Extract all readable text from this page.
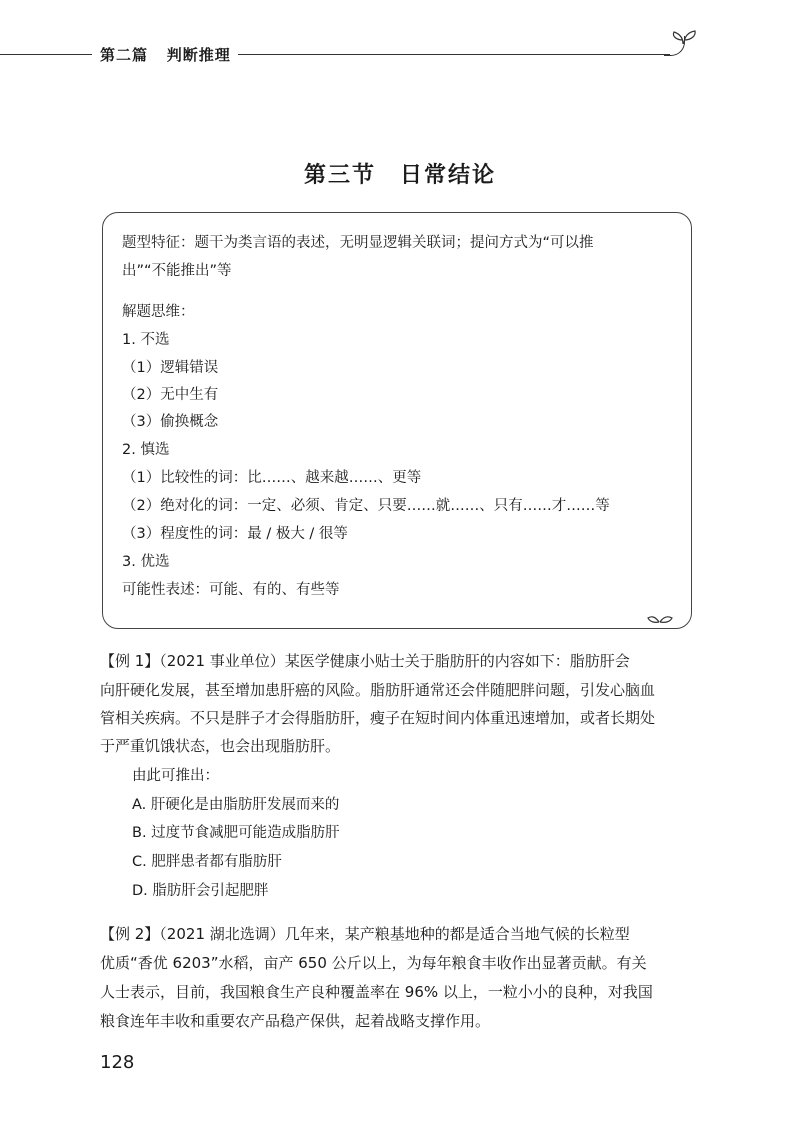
第二篇 判断推理
第三节　日常结论
题型特征：题干为类言语的表述，无明显逻辑关联词；提问方式为“可以推
出”“不能推出”等
解题思维：
1. 不选
（1）逻辑错误
（2）无中生有
（3）偷换概念
2. 慎选
（1）比较性的词：比……、越来越……、更等
（2）绝对化的词：一定、必须、肯定、只要……就……、只有……才……等
（3）程度性的词：最 / 极大 / 很等
3. 优选
可能性表述：可能、有的、有些等
【例 1】（2021 事业单位）某医学健康小贴士关于脂肪肝的内容如下：脂肪肝会
向肝硬化发展，甚至增加患肝癌的风险。脂肪肝通常还会伴随肥胖问题，引发心脑血
管相关疾病。不只是胖子才会得脂肪肝，瘦子在短时间内体重迅速增加，或者长期处
于严重饥饿状态，也会出现脂肪肝。
由此可推出：
A. 肝硬化是由脂肪肝发展而来的
B. 过度节食减肥可能造成脂肪肝
C. 肥胖患者都有脂肪肝
D. 脂肪肝会引起肥胖
【例 2】（2021 湖北选调）几年来，某产粮基地种的都是适合当地气候的长粒型
优质“香优 6203”水稻，亩产 650 公斤以上，为每年粮食丰收作出显著贡献。有关
人士表示，目前，我国粮食生产良种覆盖率在 96% 以上，一粒小小的良种，对我国
粮食连年丰收和重要农产品稳产保供，起着战略支撑作用。
128
